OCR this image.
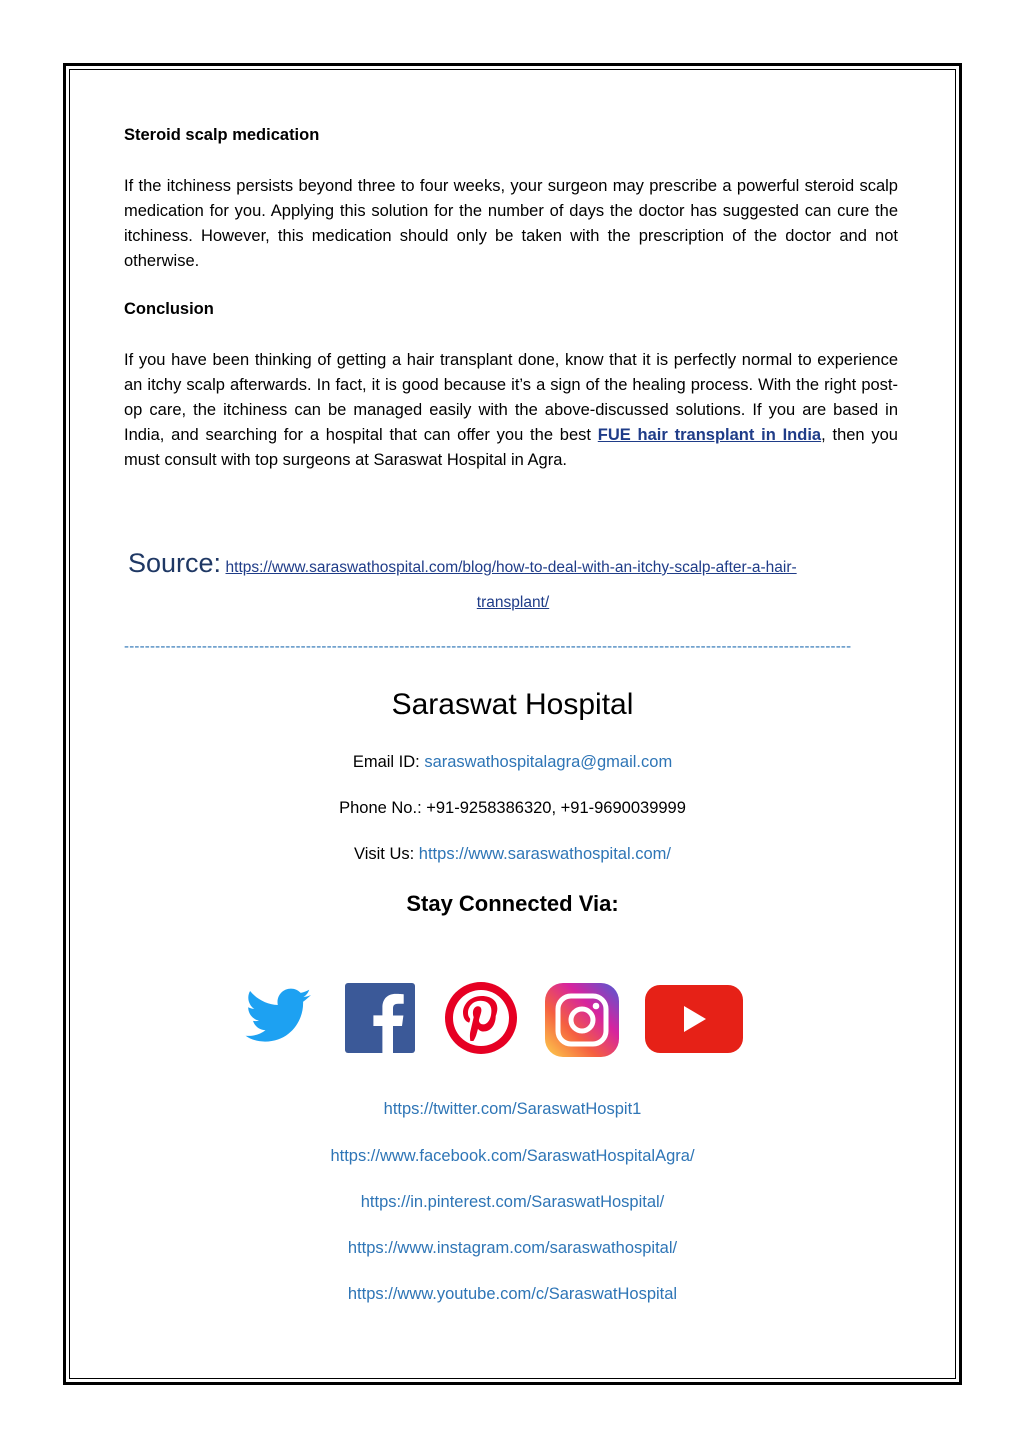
Steroid scalp medication

If the itchiness persists beyond three to four weeks, your surgeon may prescribe a powerful steroid scalp medication for you. Applying this solution for the number of days the doctor has suggested can cure the itchiness. However, this medication should only be taken with the prescription of the doctor and not otherwise.

Conclusion

If you have been thinking of getting a hair transplant done, know that it is perfectly normal to experience an itchy scalp afterwards. In fact, it is good because it’s a sign of the healing process. With the right post-op care, the itchiness can be managed easily with the above-discussed solutions. If you are based in India, and searching for a hospital that can offer you the best FUE hair transplant in India, then you must consult with top surgeons at Saraswat Hospital in Agra.

Source: https://www.saraswathospital.com/blog/how-to-deal-with-an-itchy-scalp-after-a-hair-
transplant/
--------------------------------------------------------------------------------------------------------------------------------------------
Saraswat Hospital
Email ID: saraswathospitalagra@gmail.com
Phone No.: +91-9258386320, +91-9690039999
Visit Us: https://www.saraswathospital.com/
Stay Connected Via:
https://twitter.com/SaraswatHospit1
https://www.facebook.com/SaraswatHospitalAgra/
https://in.pinterest.com/SaraswatHospital/
https://www.instagram.com/saraswathospital/
https://www.youtube.com/c/SaraswatHospital
